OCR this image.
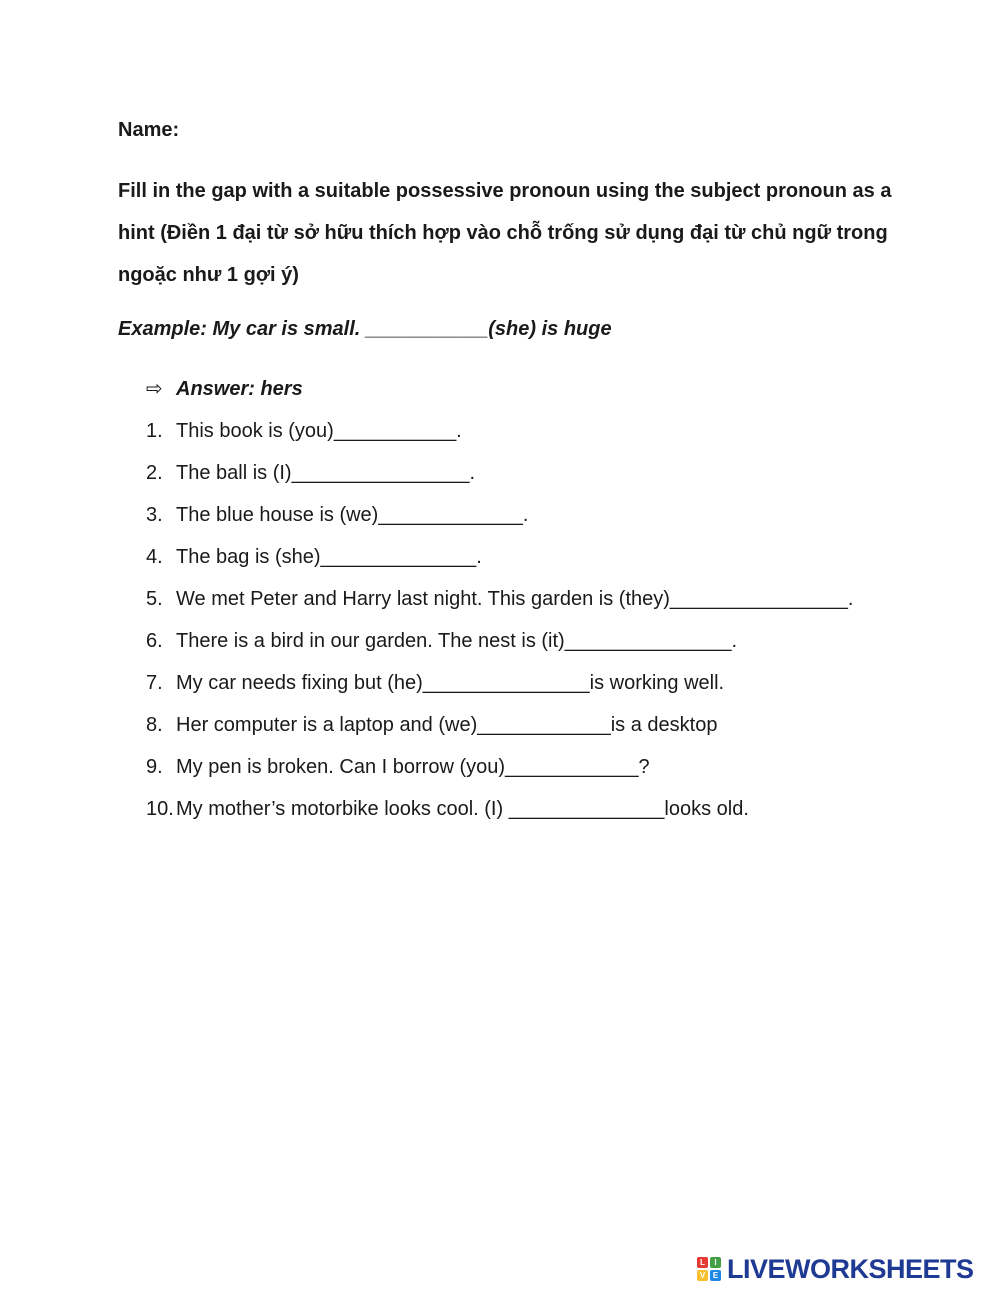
Name:
Fill in the gap with a suitable possessive pronoun using the subject pronoun as a hint (Điền 1 đại từ sở hữu thích hợp vào chỗ trống sử dụng đại từ chủ ngữ trong ngoặc như 1 gợi ý)
Example: My car is small. ___________(she) is huge
⇨ Answer: hers
1. This book is (you)___________.
2. The ball is (I)________________.
3. The blue house is (we)_____________.
4. The bag is (she)______________.
5. We met Peter and Harry last night. This garden is (they)________________.
6. There is a bird in our garden. The nest is (it)_______________.
7. My car needs fixing but (he)_______________is working well.
8. Her computer is a laptop and (we)____________is a desktop
9. My pen is broken. Can I borrow (you)____________?
10. My mother’s motorbike looks cool. (I) ______________looks old.
L	I
V E LIVEWORKSHEETS
